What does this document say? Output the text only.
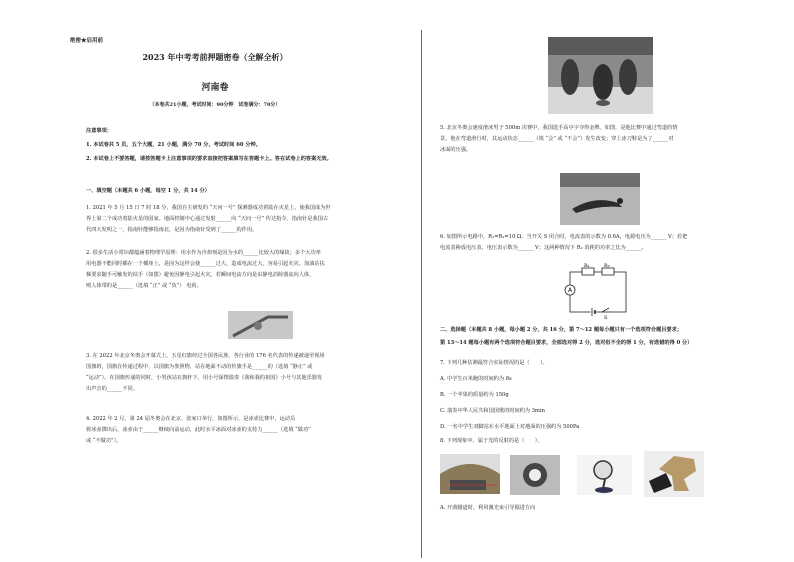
绝密★启用前
2023 年中考考前押题密卷（全解全析）
河南卷
（本卷共21小题，考试时间：90分钟　试卷满分：70分）
注意事项：
1. 本试卷共 5 页，五个大题，21 小题，满分 70 分，考试时间 60 分钟。
2. 本试卷上不要答题，请按答题卡上注意事项的要求直接把答案填写在答题卡上。答在试卷上的答案无效。
一、填空题（本题共 6 小题，每空 1 分，共 14 分）
1. 2021 年 5 月 15 日 7 时 18 分，我国自主研发的 “天问一号” 探测器成功着陆在火星上，使我国成为世
界上第二个成功着陆火星的国家。地面控制中心通过发射______向 “天问一号” 传达指令。指南针是我国古
代四大发明之一，指南针能够指南北，是因为指南针受到了______的作用。
2. 很多生活小常识都蕴涵着物理学原理：用水作为冷却剂是因为水的______比较大的缘故；多个大功率
用电器不能同时插在一个插座上，是因为这样会使______过大，造成电流过大，容易引起火灾。加油站扶
梯要求随手可触发的扶手（如图）避免因静电引起火灾，若瞬间电流方向是由静电消除器流向人体，
则人体带的是______（选填 “正” 或 “负”） 电荷。
3. 在 2022 年北京冬奥会开幕式上，五星红旗经过全国各民族、各行业的 176 名代表的传递被递至现场
国旗班，国旗在传递过程中，以国旗为参照物，站在地面不动的传旗手是______的（选填 “静止” 或
“运动”）。在国旗传递的同时，小男孩站在旗杆下，用小号深情演奏《我和我的祖国》小号与其他乐器发
出声音的______不同。
4. 2022 年 2 月，第 24 届冬奥会在北京、张家口举行。如图所示，是冰壶比赛中，运动员
将冰壶掷出后，冰壶由于______继续向前运动，此时水平冰面对冰壶的支持力______（选填 “做功”
或 “不做功”）。
5. 北京冬奥会速度滑冰男子 500m 决赛中，我国选手高亭宇夺得金牌。如图，是他比赛中通过弯道的情
景。他在弯道滑行时，其运动状态______（填 “会” 或 “不会”）发生改变；穿上冰刀鞋是为了______对
冰面的压强。
6. 如图所示电路中，R₁=R₂=10 Ω。当开关 S 闭合时，电流表的示数为 0.6A，电源电压为______ V；若把
电流表换成电压表，电压表示数为______ V；这两种情况下 R₂ 消耗的功率之比为______。
A
R₁	R₂
S
二、选择题（本题共 8 小题，每小题 2 分，共 16 分，第 7～12 题每小题只有一个选项符合题目要求；
第 13～14 题每小题有两个选项符合题目要求，全部选对得 2 分，选对但不全的得 1 分，有选错的得 0 分）
7. 下列几种估测最符合实际情况的是（　　）。
A. 中学生百米跑的时间约为 8s
B. 一个苹果的质量约为 150g
C. 演奏中华人民共和国国歌的时间约为 3min
D. 一名中学生双脚站在水平地面上对地面的压强约为 500Pa
8. 下列现象中，属于光的反射的是（　　）。
A. 开凿隧道时，利用激光束引导掘进方向
